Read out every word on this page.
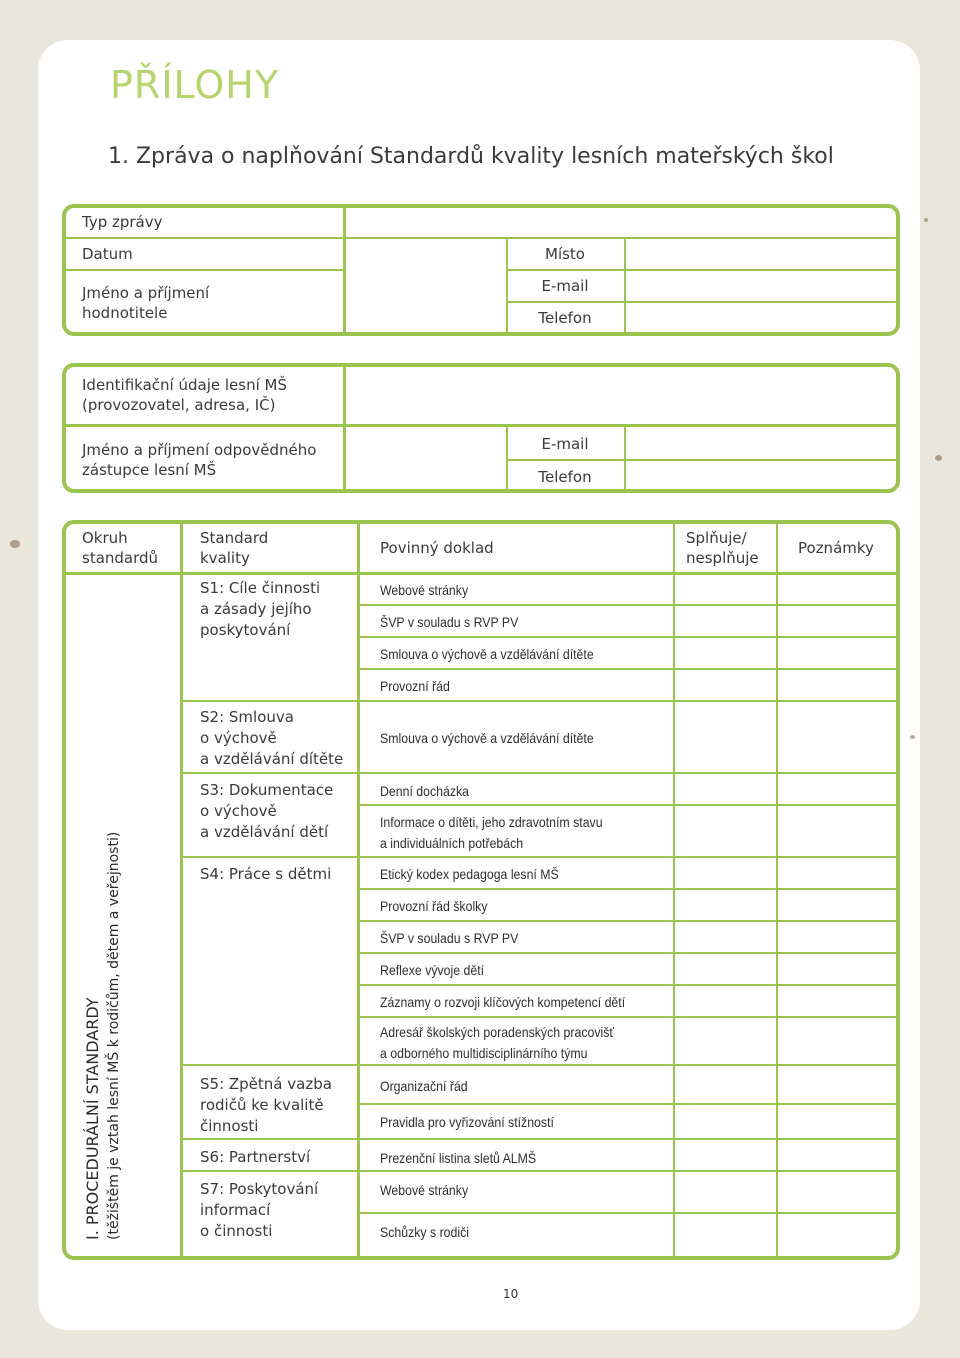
PŘÍLOHY
1. Zpráva o naplňování Standardů kvality lesních mateřských škol
Typ zprávy
Datum
Jméno a příjmení
hodnotitele
Místo
E-mail
Telefon
Identifikační údaje lesní MŠ
(provozovatel, adresa, IČ)
Jméno a příjmení odpovědného
zástupce lesní MŠ
E-mail
Telefon
Okruh
standardů
Standard
kvality
Povinný doklad
Splňuje/
nesplňuje
Poznámky
I. PROCEDURÁLNÍ STANDARDY (těžištěm je vztah lesní MŠ k rodičům, dětem a veřejnosti)
S1: Cíle činnosti
a zásady jejího
poskytování
S2: Smlouva
o výchově
a vzdělávání dítěte
S3: Dokumentace
o výchově
a vzdělávání dětí
S4: Práce s dětmi
S5: Zpětná vazba
rodičů ke kvalitě
činnosti
S6: Partnerství
S7: Poskytování
informací
o činnosti
Webové stránky
ŠVP v souladu s RVP PV
Smlouva o výchově a vzdělávání dítěte
Provozní řád
Smlouva o výchově a vzdělávání dítěte
Denní docházka
Informace o dítěti, jeho zdravotním stavu
a individuálních potřebách
Etický kodex pedagoga lesní MŠ
Provozní řád školky
ŠVP v souladu s RVP PV
Reflexe vývoje dětí
Záznamy o rozvoji klíčových kompetencí dětí
Adresář školských poradenských pracovišť
a odborného multidisciplinárního týmu
Organizační řád
Pravidla pro vyřizování stížností
Prezenční listina sletů ALMŠ
Webové stránky
Schůzky s rodiči
10
